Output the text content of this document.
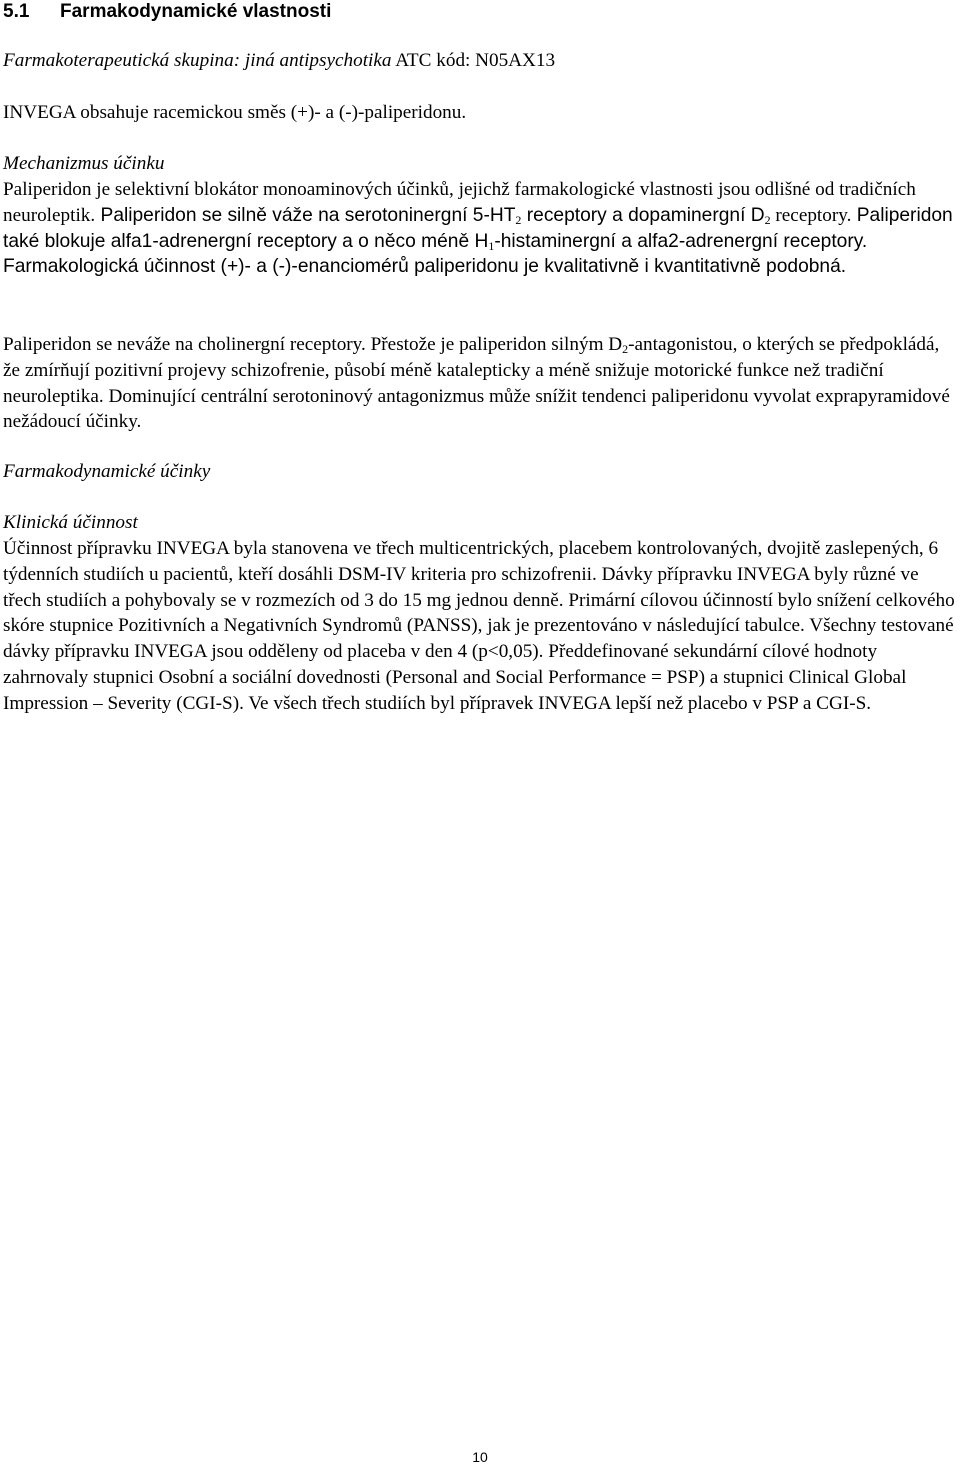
5.1 Farmakodynamické vlastnosti

Farmakoterapeutická skupina: jiná antipsychotika ATC kód: N05AX13

INVEGA obsahuje racemickou směs (+)- a (-)-paliperidonu.

Mechanizmus účinku

Paliperidon je selektivní blokátor monoaminových účinků, jejichž farmakologické vlastnosti jsou odlišné od tradičních neuroleptik. Paliperidon se silně váže na serotoninergní $5-HT_2$ receptory a dopaminergní $D_2$ receptory. Paliperidon také blokuje alfa1-adrenergní receptory a o něco méně $H_1$-histaminergní a alfa2-adrenergní receptory. Farmakologická účinnost (+)- a (-)-enanciomérů paliperidonu je kvalitativně i kvantitativně podobná.

Paliperidon se neváže na cholinergní receptory. Přestože je paliperidon silným $D_2$-antagonistou, o kterých se předpokládá, že zmírňují pozitivní projevy schizofrenie, působí méně katalepticky a méně snižuje motorické funkce než tradiční neuroleptika. Dominující centrální serotoninový antagonizmus může snížit tendenci paliperidonu vyvolat exprapyramidové nežádoucí účinky.

Farmakodynamické účinky

Klinická účinnost

Účinnost přípravku INVEGA byla stanovena ve třech multicentrických, placebem kontrolovaných, dvojitě zaslepených, 6 týdenních studiích u pacientů, kteří dosáhli DSM-IV kriteria pro schizofrenii. Dávky přípravku INVEGA byly různé ve třech studiích a pohybovaly se v rozmezích od 3 do 15 mg jednou denně. Primární cílovou účinností bylo snížení celkového skóre stupnice Pozitivních a Negativních Syndromů (PANSS), jak je prezentováno v následující tabulce. Všechny testované dávky přípravku INVEGA jsou odděleny od placeba v den 4 (p<0,05). Předdefinované sekundární cílové hodnoty zahrnovaly stupnici Osobní a sociální dovednosti (Personal and Social Performance = PSP) a stupnici Clinical Global Impression – Severity (CGI-S). Ve všech třech studiích byl přípravek INVEGA lepší než placebo v PSP a CGI-S.

10
